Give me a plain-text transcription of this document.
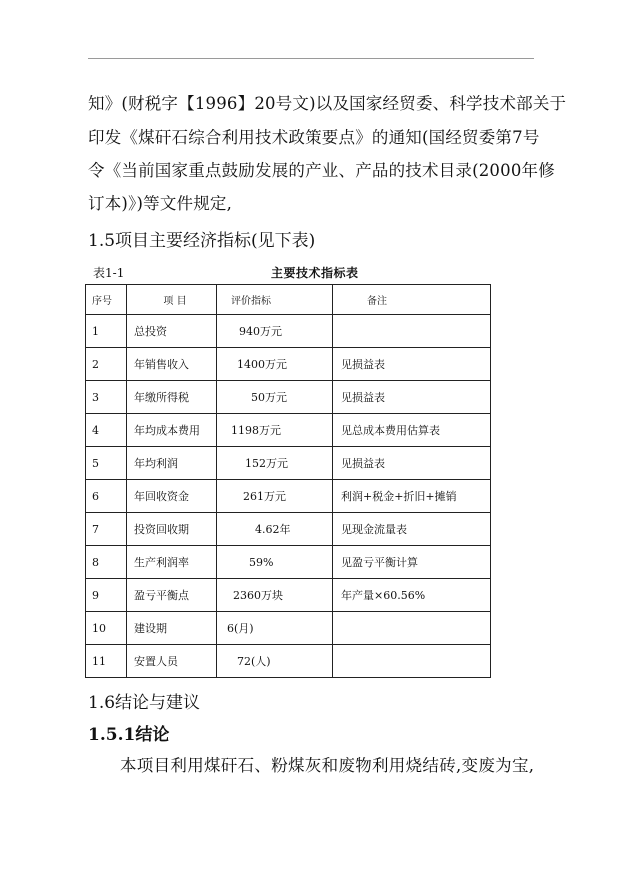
知》(财税字【1996】20号文)以及国家经贸委、科学技术部关于
印发《煤矸石综合利用技术政策要点》的通知(国经贸委第7号
令《当前国家重点鼓励发展的产业、产品的技术目录(2000年修
订本)》)等文件规定,
1.5项目主要经济指标(见下表)
表1-1	主要技术指标表
序号	项 目	评价指标	备注
1	总投资	940万元	
2	年销售收入	1400万元	见损益表
3	年缴所得税	50万元	见损益表
4	年均成本费用	1198万元	见总成本费用估算表
5	年均利润	152万元	见损益表
6	年回收资金	261万元	利润+税金+折旧+摊销
7	投资回收期	4.62年	见现金流量表
8	生产利润率	59%	见盈亏平衡计算
9	盈亏平衡点	2360万块	年产量×60.56%
10	建设期	6(月)	
11	安置人员	72(人)	
1.6结论与建议
1.5.1结论
本项目利用煤矸石、粉煤灰和废物利用烧结砖,变废为宝,
